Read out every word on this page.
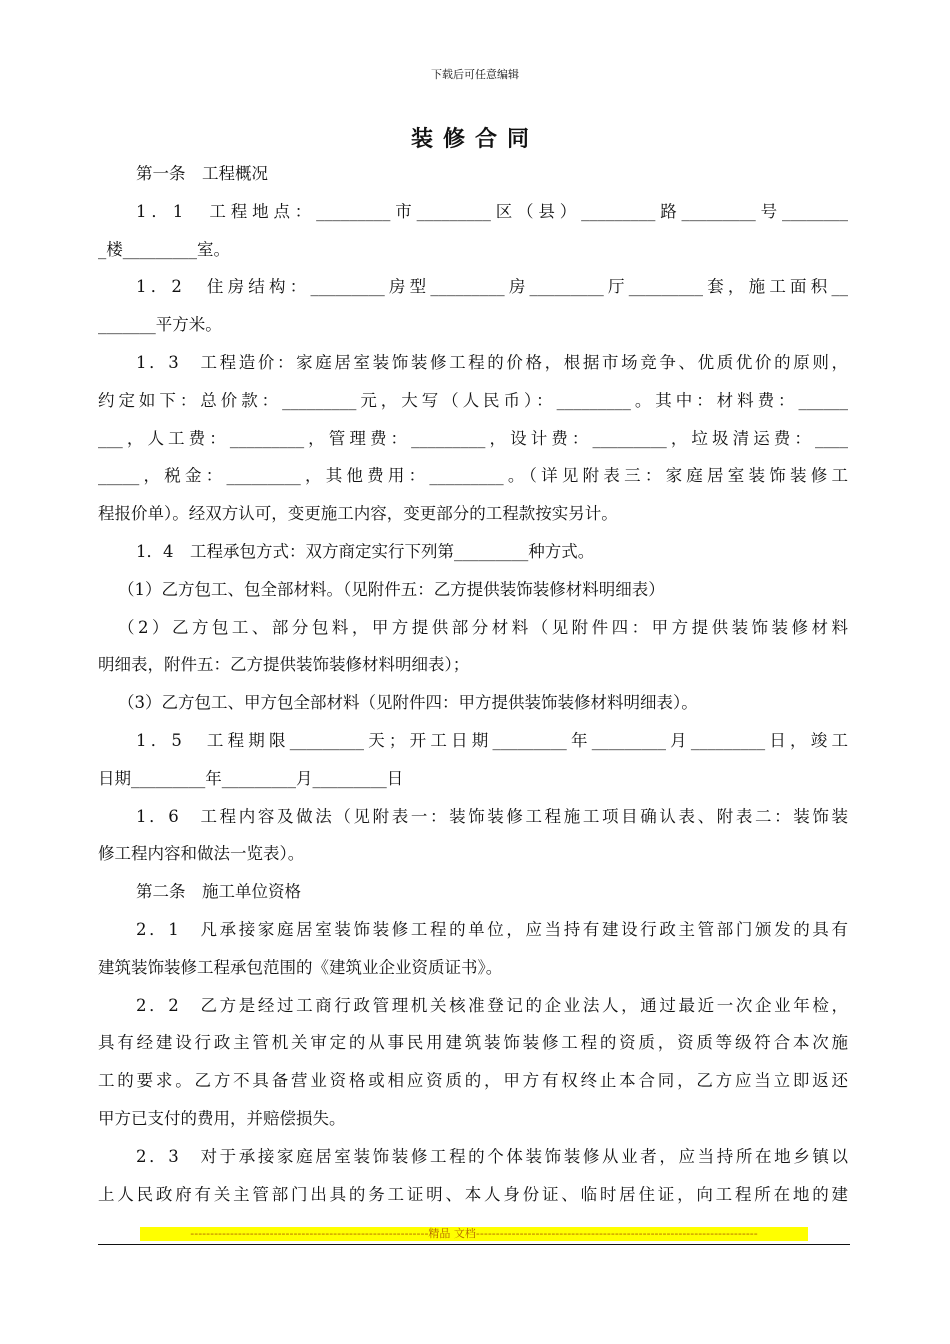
下载后可任意编辑
装修合同
第一条　工程概况
1．1　工程地点：_________市_________区（县）_________路_________号________
_楼_________室。
1．2　住房结构：_________房型_________房_________厅_________套，施工面积__
_______平方米。
1．3　工程造价：家庭居室装饰装修工程的价格，根据市场竞争、优质优价的原则，
约定如下：总价款：_________元，大写（人民币）：_________。其中：材料费：______
___，人工费：_________，管理费：_________，设计费：_________，垃圾清运费：____
_____，税金：_________，其他费用：_________。（详见附表三：家庭居室装饰装修工
程报价单）。经双方认可，变更施工内容，变更部分的工程款按实另计。
1．4　工程承包方式：双方商定实行下列第_________种方式。
（1）乙方包工、包全部材料。（见附件五：乙方提供装饰装修材料明细表）
（2）乙方包工、部分包料，甲方提供部分材料（见附件四：甲方提供装饰装修材料
明细表，附件五：乙方提供装饰装修材料明细表）；
（3）乙方包工、甲方包全部材料（见附件四：甲方提供装饰装修材料明细表）。
1．5　工程期限_________天；开工日期_________年_________月_________日，竣工
日期_________年_________月_________日
1．6　工程内容及做法（见附表一：装饰装修工程施工项目确认表、附表二：装饰装
修工程内容和做法一览表）。
第二条　施工单位资格
2．1　凡承接家庭居室装饰装修工程的单位，应当持有建设行政主管部门颁发的具有
建筑装饰装修工程承包范围的《建筑业企业资质证书》。
2．2　乙方是经过工商行政管理机关核准登记的企业法人，通过最近一次企业年检，
具有经建设行政主管机关审定的从事民用建筑装饰装修工程的资质，资质等级符合本次施
工的要求。乙方不具备营业资格或相应资质的，甲方有权终止本合同，乙方应当立即返还
甲方已支付的费用，并赔偿损失。
2．3　对于承接家庭居室装饰装修工程的个体装饰装修从业者，应当持所在地乡镇以
上人民政府有关主管部门出具的务工证明、本人身份证、临时居住证，向工程所在地的建
------------------------------------------------------------精品 文档-----------------------------------------------------------------------
